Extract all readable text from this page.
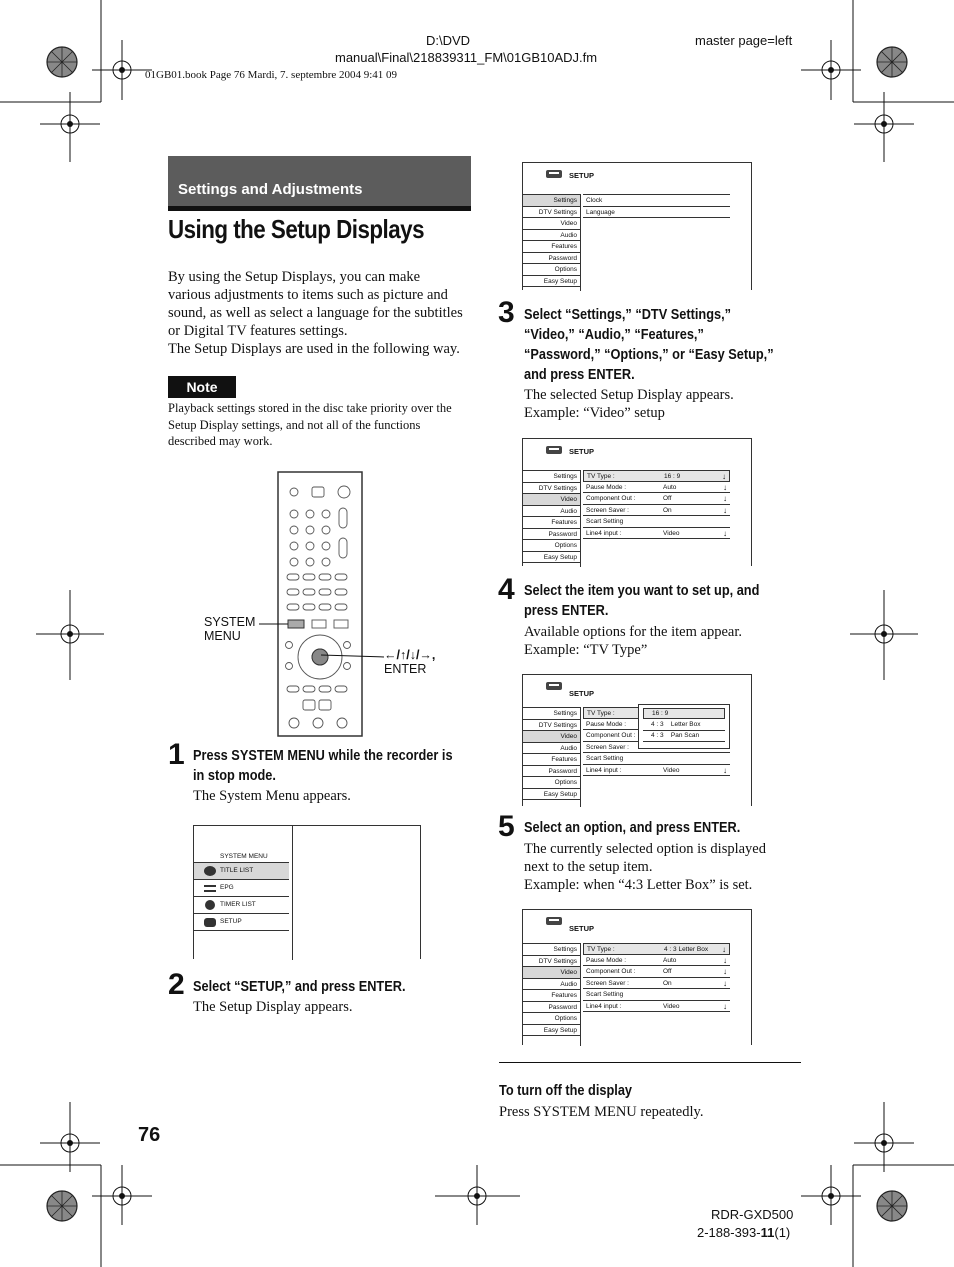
D:\DVD
manual\Final\218839311_FM\01GB10ADJ.fm
master page=left
01GB01.book Page 76 Mardi, 7. septembre 2004 9:41 09
Settings and Adjustments
Using the Setup Displays
By using the Setup Displays, you can make
various adjustments to items such as picture and
sound, as well as select a language for the subtitles
or Digital TV features settings.
The Setup Displays are used in the following way.
Note
Playback settings stored in the disc take priority over the
Setup Display settings, and not all of the functions
described may work.
SYSTEM
MENU
←/↑/↓/→,
ENTER
1 Press SYSTEM MENU while the recorder is
in stop mode.
The System Menu appears.
SYSTEM MENU
TITLE LIST
EPG
TIMER LIST
SETUP
2 Select “SETUP,” and press ENTER.
The Setup Display appears.
SETUP
Settings
DTV Settings
Video
Audio
Features
Password
Options
Easy Setup
Clock
Language
3 Select “Settings,” “DTV Settings,”
“Video,” “Audio,” “Features,”
“Password,” “Options,” or “Easy Setup,”
and press ENTER.
The selected Setup Display appears.
Example: “Video” setup
SETUP
Settings
DTV Settings
Video
Audio
Features
Password
Options
Easy Setup
TV Type :	16 : 9	↓
Pause Mode :	Auto	↓
Component Out :	Off	↓
Screen Saver :	On	↓
Scart Setting
Line4 input :	Video	↓
4 Select the item you want to set up, and
press ENTER.
Available options for the item appear.
Example: “TV Type”
SETUP
Settings
DTV Settings
Video
Audio
Features
Password
Options
Easy Setup
TV Type :
Pause Mode :
Component Out :
Screen Saver :
Scart Setting
Line4 input :	Video	↓
16 : 9
4 : 3    Letter Box
4 : 3    Pan Scan
5 Select an option, and press ENTER.
The currently selected option is displayed
next to the setup item.
Example: when “4:3 Letter Box” is set.
SETUP
Settings
DTV Settings
Video
Audio
Features
Password
Options
Easy Setup
TV Type :	4 : 3 Letter Box ↓
Pause Mode :	Auto	↓
Component Out :	Off	↓
Screen Saver :	On	↓
Scart Setting
Line4 input :	Video	↓
To turn off the display
Press SYSTEM MENU repeatedly.
76
RDR-GXD500
2-188-393-11(1)
